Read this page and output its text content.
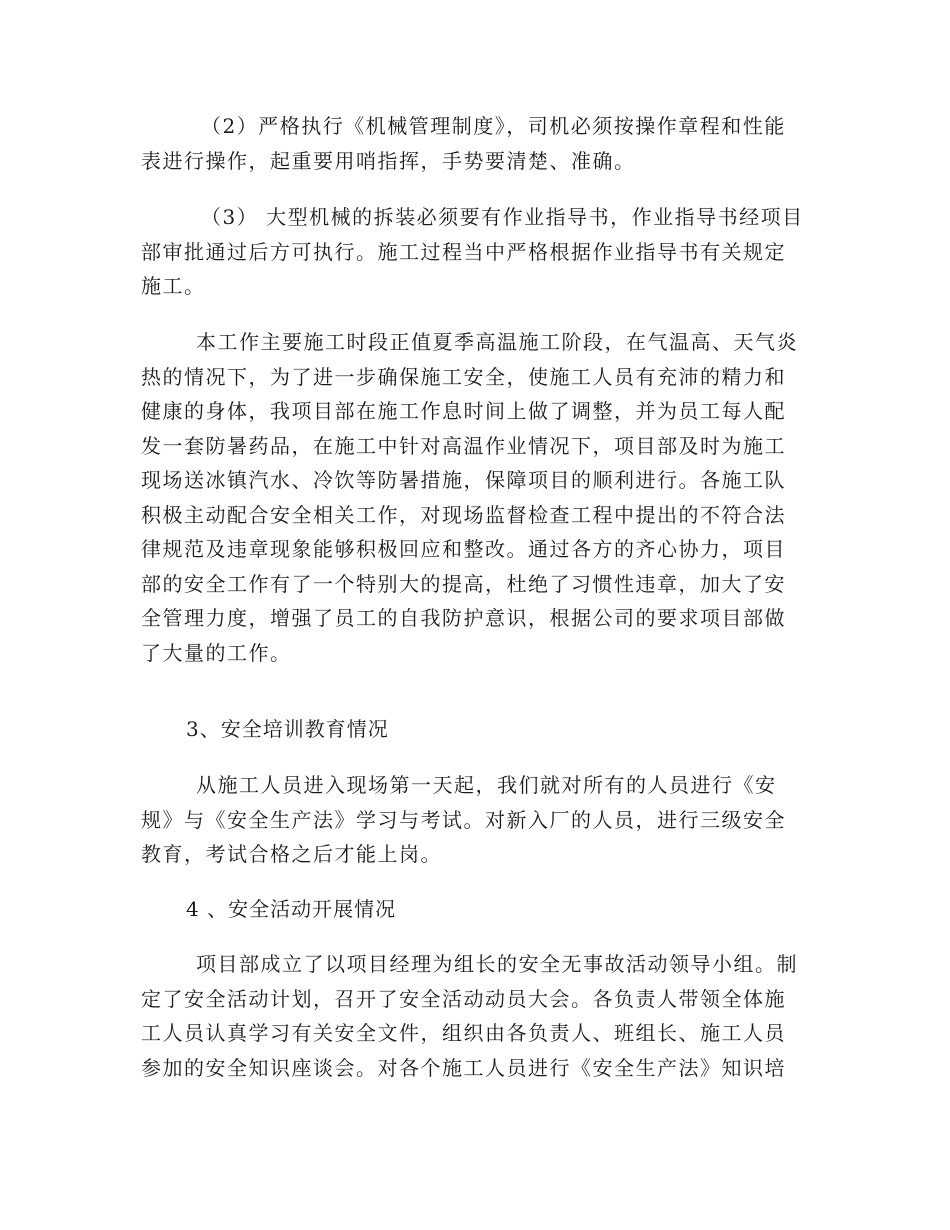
（2）严格执行《机械管理制度》，司机必须按操作章程和性能
表进行操作，起重要用哨指挥，手势要清楚、准确。
（3） 大型机械的拆装必须要有作业指导书，作业指导书经项目
部审批通过后方可执行。施工过程当中严格根据作业指导书有关规定
施工。
本工作主要施工时段正值夏季高温施工阶段，在气温高、天气炎
热的情况下，为了进一步确保施工安全，使施工人员有充沛的精力和
健康的身体，我项目部在施工作息时间上做了调整，并为员工每人配
发一套防暑药品，在施工中针对高温作业情况下，项目部及时为施工
现场送冰镇汽水、冷饮等防暑措施，保障项目的顺利进行。各施工队
积极主动配合安全相关工作，对现场监督检查工程中提出的不符合法
律规范及违章现象能够积极回应和整改。通过各方的齐心协力，项目
部的安全工作有了一个特别大的提高，杜绝了习惯性违章，加大了安
全管理力度，增强了员工的自我防护意识，根据公司的要求项目部做
了大量的工作。
3、安全培训教育情况
从施工人员进入现场第一天起，我们就对所有的人员进行《安
规》与《安全生产法》学习与考试。对新入厂的人员，进行三级安全
教育，考试合格之后才能上岗。
4 、安全活动开展情况
项目部成立了以项目经理为组长的安全无事故活动领导小组。制
定了安全活动计划，召开了安全活动动员大会。各负责人带领全体施
工人员认真学习有关安全文件，组织由各负责人、班组长、施工人员
参加的安全知识座谈会。对各个施工人员进行《安全生产法》知识培
